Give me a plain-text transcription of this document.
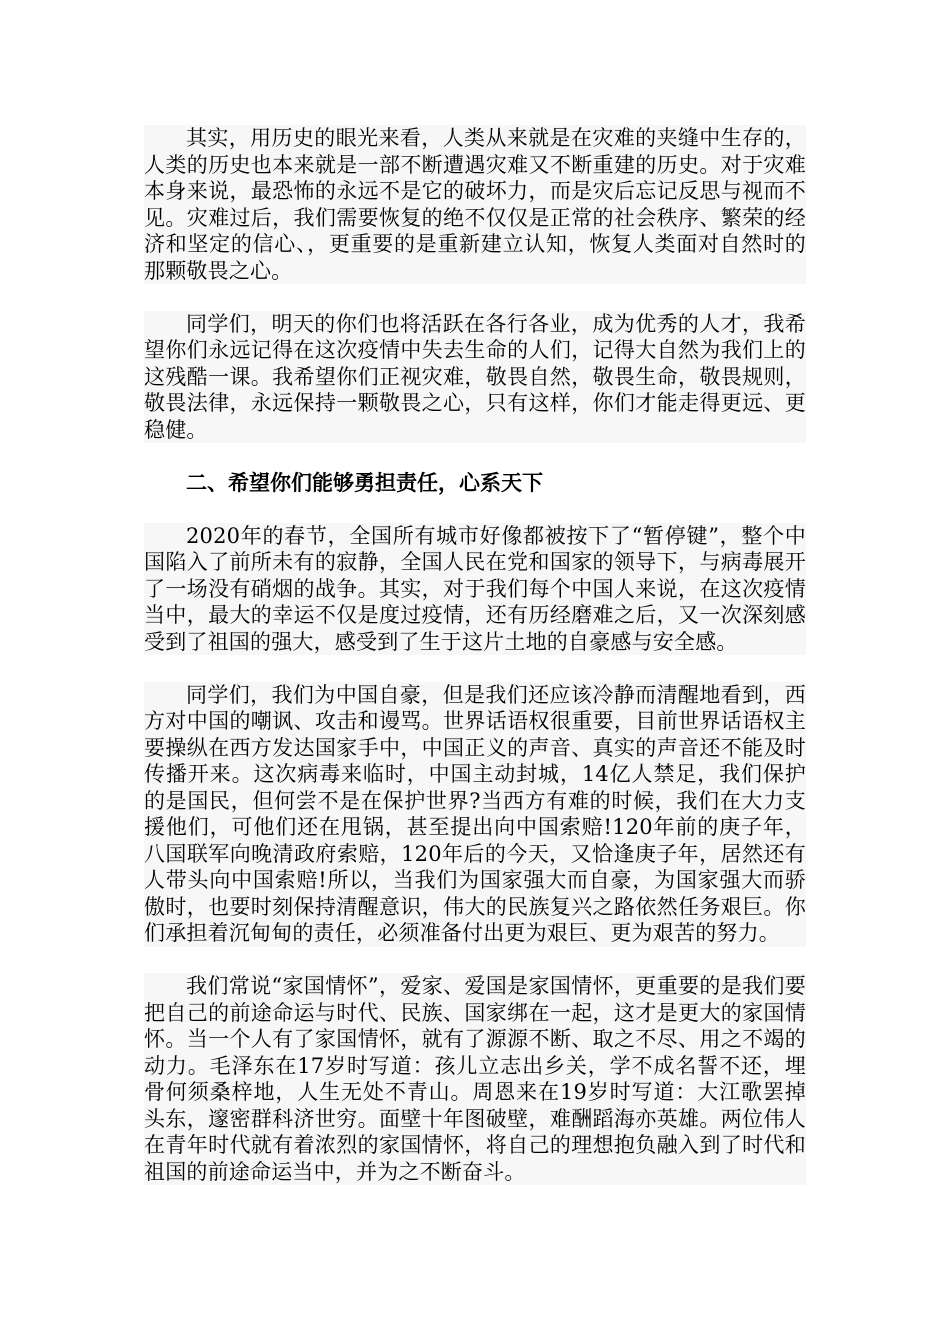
其实，用历史的眼光来看，人类从来就是在灾难的夹缝中生存的，人类的历史也本来就是一部不断遭遇灾难又不断重建的历史。对于灾难本身来说，最恐怖的永远不是它的破坏力，而是灾后忘记反思与视而不见。灾难过后，我们需要恢复的绝不仅仅是正常的社会秩序、繁荣的经济和坚定的信心、，更重要的是重新建立认知，恢复人类面对自然时的那颗敬畏之心。

同学们，明天的你们也将活跃在各行各业，成为优秀的人才，我希望你们永远记得在这次疫情中失去生命的人们，记得大自然为我们上的这残酷一课。我希望你们正视灾难，敬畏自然，敬畏生命，敬畏规则，敬畏法律，永远保持一颗敬畏之心，只有这样，你们才能走得更远、更稳健。

二、希望你们能够勇担责任，心系天下

2020年的春节，全国所有城市好像都被按下了“暂停键”，整个中国陷入了前所未有的寂静，全国人民在党和国家的领导下，与病毒展开了一场没有硝烟的战争。其实，对于我们每个中国人来说，在这次疫情当中，最大的幸运不仅是度过疫情，还有历经磨难之后，又一次深刻感受到了祖国的强大，感受到了生于这片土地的自豪感与安全感。

同学们，我们为中国自豪，但是我们还应该冷静而清醒地看到，西方对中国的嘲讽、攻击和谩骂。世界话语权很重要，目前世界话语权主要操纵在西方发达国家手中，中国正义的声音、真实的声音还不能及时传播开来。这次病毒来临时，中国主动封城，14亿人禁足，我们保护的是国民，但何尝不是在保护世界?当西方有难的时候，我们在大力支援他们，可他们还在甩锅，甚至提出向中国索赔!120年前的庚子年，八国联军向晚清政府索赔，120年后的今天，又恰逢庚子年，居然还有人带头向中国索赔!所以，当我们为国家强大而自豪，为国家强大而骄傲时，也要时刻保持清醒意识，伟大的民族复兴之路依然任务艰巨。你们承担着沉甸甸的责任，必须准备付出更为艰巨、更为艰苦的努力。

我们常说“家国情怀”，爱家、爱国是家国情怀，更重要的是我们要把自己的前途命运与时代、民族、国家绑在一起，这才是更大的家国情怀。当一个人有了家国情怀，就有了源源不断、取之不尽、用之不竭的动力。毛泽东在17岁时写道：孩儿立志出乡关，学不成名誓不还，埋骨何须桑梓地，人生无处不青山。周恩来在19岁时写道：大江歌罢掉头东，邃密群科济世穷。面壁十年图破壁，难酬蹈海亦英雄。两位伟人在青年时代就有着浓烈的家国情怀，将自己的理想抱负融入到了时代和祖国的前途命运当中，并为之不断奋斗。
